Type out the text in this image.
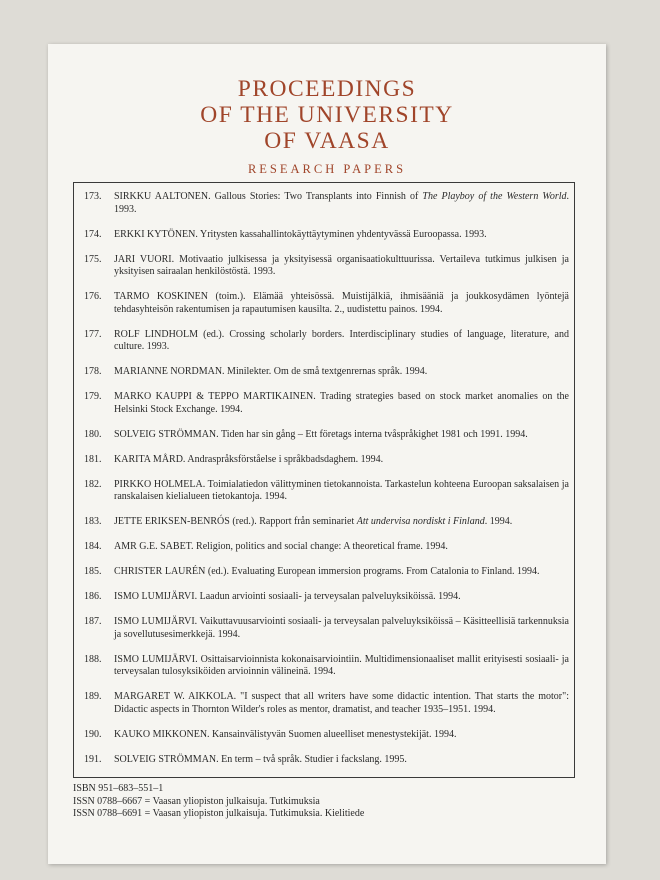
PROCEEDINGS
OF THE UNIVERSITY
OF VAASA
RESEARCH PAPERS
173.	SIRKKU AALTONEN. Gallous Stories: Two Transplants into Finnish of The Playboy of the Western World. 1993.
174.	ERKKI KYTÖNEN. Yritysten kassahallintokäyttäytyminen yhdentyvässä Euroopassa. 1993.
175.	JARI VUORI. Motivaatio julkisessa ja yksityisessä organisaatiokulttuurissa. Vertaileva tutkimus julkisen ja yksityisen sairaalan henkilöstöstä. 1993.
176.	TARMO KOSKINEN (toim.). Elämää yhteisössä. Muistijälkiä, ihmisääniä ja joukkosydämen lyöntejä tehdasyhteisön rakentumisen ja rapautumisen kausilta. 2., uudistettu painos. 1994.
177.	ROLF LINDHOLM (ed.). Crossing scholarly borders. Interdisciplinary studies of language, literature, and culture. 1993.
178.	MARIANNE NORDMAN. Minilekter. Om de små textgenrernas språk. 1994.
179.	MARKO KAUPPI & TEPPO MARTIKAINEN. Trading strategies based on stock market anomalies on the Helsinki Stock Exchange. 1994.
180.	SOLVEIG STRÖMMAN. Tiden har sin gång – Ett företags interna tvåspråkighet 1981 och 1991. 1994.
181.	KARITA MÅRD. Andraspråksförståelse i språkbadsdaghem. 1994.
182.	PIRKKO HOLMELA. Toimialatiedon välittyminen tietokannoista. Tarkastelun kohteena Euroopan saksalaisen ja ranskalaisen kielialueen tietokantoja. 1994.
183.	JETTE ERIKSEN-BENRÓS (red.). Rapport från seminariet Att undervisa nordiskt i Finland. 1994.
184.	AMR G.E. SABET. Religion, politics and social change: A theoretical frame. 1994.
185.	CHRISTER LAURÉN (ed.). Evaluating European immersion programs. From Catalonia to Finland. 1994.
186.	ISMO LUMIJÄRVI. Laadun arviointi sosiaali- ja terveysalan palveluyksiköissä. 1994.
187.	ISMO LUMIJÄRVI. Vaikuttavuusarviointi sosiaali- ja terveysalan palveluyksiköissä – Käsitteellisiä tarkennuksia ja sovellutusesimerkkejä. 1994.
188.	ISMO LUMIJÄRVI. Osittaisarvioinnista kokonaisarviointiin. Multidimensionaaliset mallit erityisesti sosiaali- ja terveysalan tulosyksiköiden arvioinnin välineinä. 1994.
189.	MARGARET W. AIKKOLA. "I suspect that all writers have some didactic intention. That starts the motor": Didactic aspects in Thornton Wilder's roles as mentor, dramatist, and teacher 1935–1951. 1994.
190.	KAUKO MIKKONEN. Kansainvälistyvän Suomen alueelliset menestystekijät. 1994.
191.	SOLVEIG STRÖMMAN. En term – två språk. Studier i fackslang. 1995.
ISBN 951–683–551–1
ISSN 0788–6667 = Vaasan yliopiston julkaisuja. Tutkimuksia
ISSN 0788–6691 = Vaasan yliopiston julkaisuja. Tutkimuksia. Kielitiede
